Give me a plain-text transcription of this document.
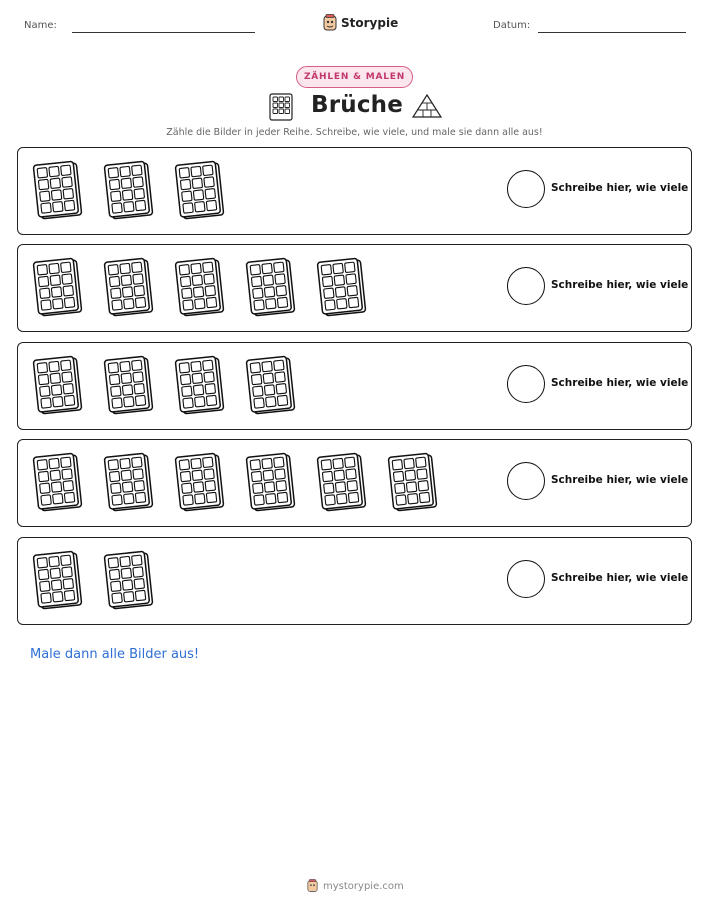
Name:	Storypie	Datum:
ZÄHLEN & MALEN
Brüche
Zähle die Bilder in jeder Reihe. Schreibe, wie viele, und male sie dann alle aus!
Schreibe hier, wie viele
Schreibe hier, wie viele
Schreibe hier, wie viele
Schreibe hier, wie viele
Schreibe hier, wie viele
Male dann alle Bilder aus!
mystorypie.com
